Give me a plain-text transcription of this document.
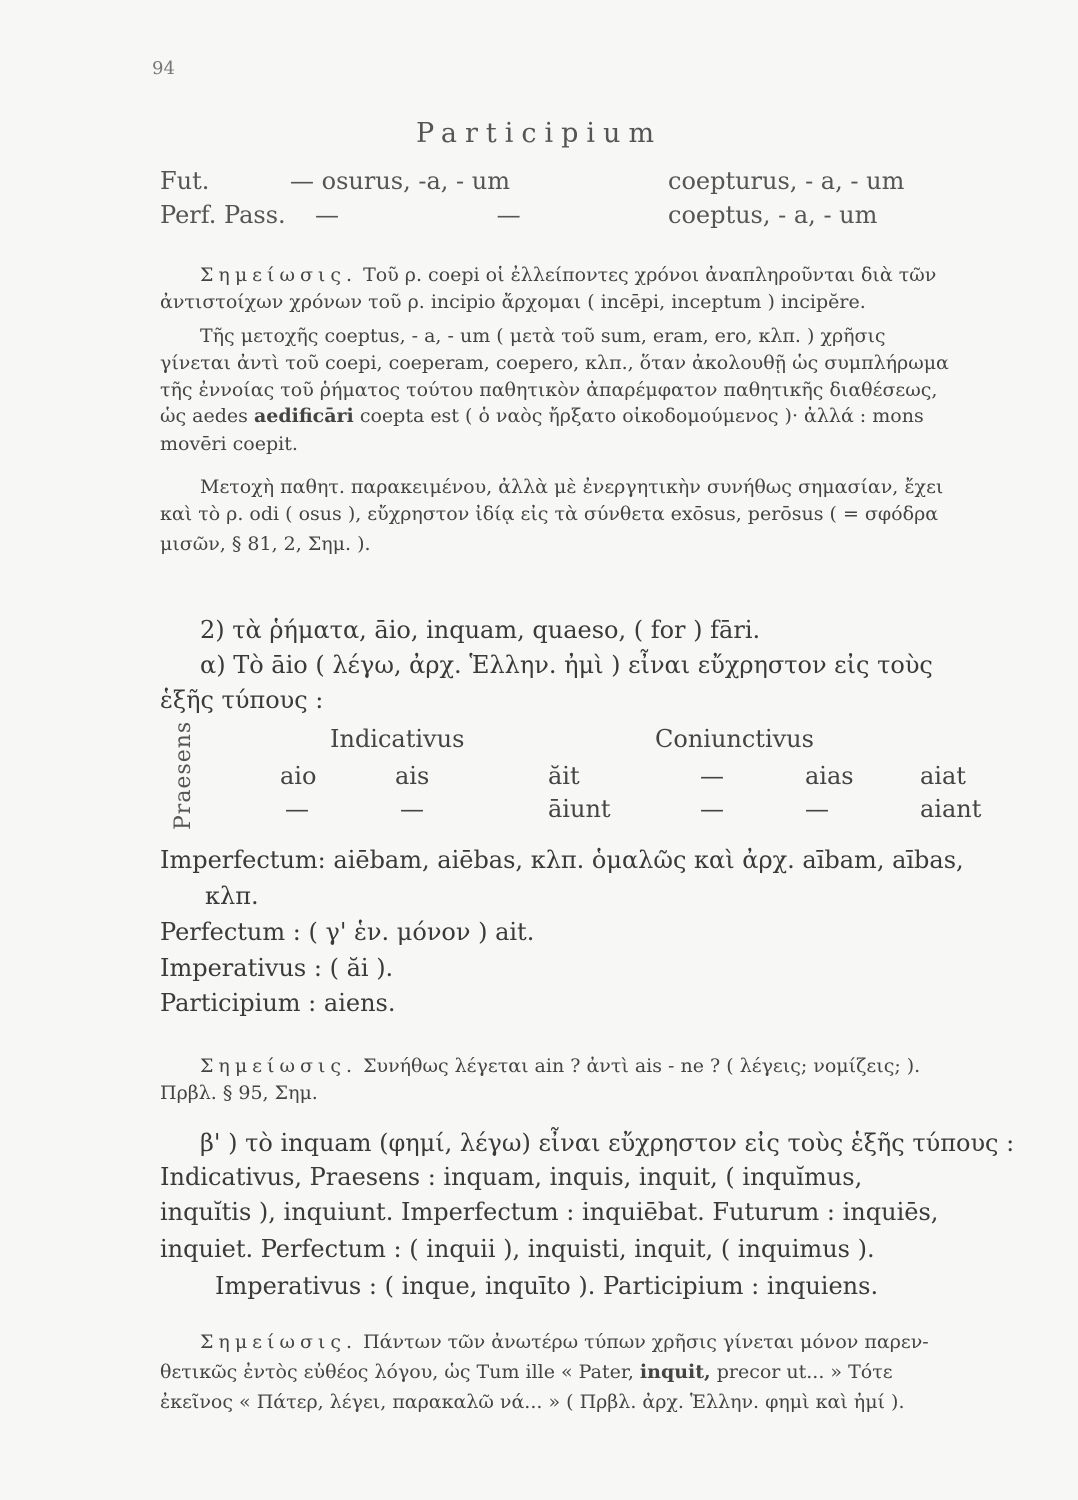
94
Participium
Fut.	— osurus, -a, - um	coepturus, - a, - um
Perf. Pass. — —	coeptus, - a, - um
Σημείωσις. Τοῦ ρ. coepi οἱ ἐλλείποντες χρόνοι ἀναπληροῦνται διὰ τῶν
ἀντιστοίχων χρόνων τοῦ ρ. incipio ἄρχομαι ( incēpi, inceptum ) incipĕre.
Τῆς μετοχῆς coeptus, - a, - um ( μετὰ τοῦ sum, eram, ero, κλπ. ) χρῆσις
γίνεται ἀντὶ τοῦ coepi, coeperam, coepero, κλπ., ὅταν ἀκολουθῇ ὡς συμπλήρωμα
τῆς ἐννοίας τοῦ ῥήματος τούτου παθητικὸν ἀπαρέμφατον παθητικῆς διαθέσεως,
ὡς aedes aedificāri coepta est ( ὁ ναὸς ἤρξατο οἰκοδομούμενος )· ἀλλά : mons
movēri coepit.
Μετοχὴ παθητ. παρακειμένου, ἀλλὰ μὲ ἐνεργητικὴν συνήθως σημασίαν, ἔχει
καὶ τὸ ρ. odi ( osus ), εὔχρηστον ἰδίᾳ εἰς τὰ σύνθετα exōsus, perōsus ( = σφόδρα
μισῶν, § 81, 2, Σημ. ).
2) τὰ ῥήματα, āio, inquam, quaeso, ( for ) fāri.
α) Τὸ āio ( λέγω, ἀρχ. Ἑλλην. ἠμὶ ) εἶναι εὔχρηστον εἰς τοὺς
ἑξῆς τύπους :
Praesens	Indicativus	Coniunctivus
aio	ais	ăit	—	aias	aiat
—	—	āiunt	—	—	aiant
Imperfectum: aiēbam, aiēbas, κλπ. ὁμαλῶς καὶ ἀρχ. aībam, aības,
κλπ.
Perfectum : ( γ' ἑν. μόνον ) ait.
Imperativus : ( ăi ).
Participium : aiens.
Σημείωσις. Συνήθως λέγεται ain ? ἀντὶ ais - ne ? ( λέγεις; νομίζεις; ).
Πρβλ. § 95, Σημ.
β' ) τὸ inquam (φημί, λέγω) εἶναι εὔχρηστον εἰς τοὺς ἑξῆς τύπους :
Indicativus, Praesens : inquam, inquis, inquit, ( inquĭmus,
inquĭtis ), inquiunt. Imperfectum : inquiēbat. Futurum : inquiēs,
inquiet. Perfectum : ( inquii ), inquisti, inquit, ( inquimus ).
Imperativus : ( inque, inquīto ). Participium : inquiens.
Σημείωσις. Πάντων τῶν ἀνωτέρω τύπων χρῆσις γίνεται μόνον παρεν-
θετικῶς ἐντὸς εὐθέος λόγου, ὡς Tum ille « Pater, inquit, precor ut... » Τότε
ἐκεῖνος « Πάτερ, λέγει, παρακαλῶ νά... » ( Πρβλ. ἀρχ. Ἑλλην. φημὶ καὶ ἠμί ).
